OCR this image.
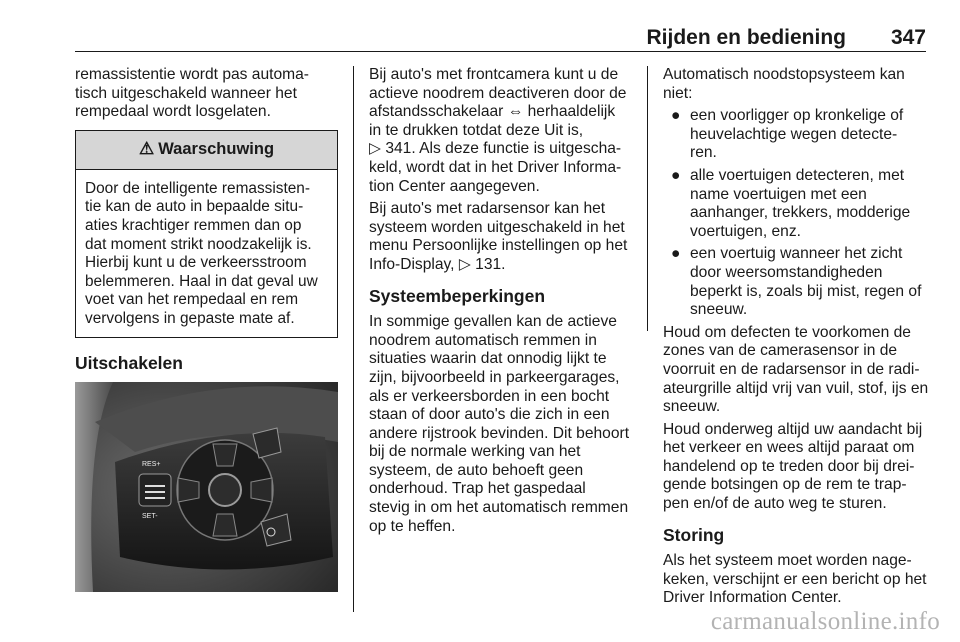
Rijden en bediening 347

remassistentie wordt pas automa-
tisch uitgeschakeld wanneer het
rempedaal wordt losgelaten.

⚠ Waarschuwing
Door de intelligente remassisten-
tie kan de auto in bepaalde situ-
aties krachtiger remmen dan op
dat moment strikt noodzakelijk is.
Hierbij kunt u de verkeersstroom
belemmeren. Haal in dat geval uw
voet van het rempedaal en rem
vervolgens in gepaste mate af.
Uitschakelen
RES+
SET-

Bij auto's met frontcamera kunt u de
actieve noodrem deactiveren door de
afstandsschakelaar ⇔ herhaaldelijk
in te drukken totdat deze Uit is,
▷ 341. Als deze functie is uitgescha-
keld, wordt dat in het Driver Informa-
tion Center aangegeven.

Bij auto's met radarsensor kan het
systeem worden uitgeschakeld in het
menu Persoonlijke instellingen op het
Info-Display, ▷ 131.

Systeembeperkingen

In sommige gevallen kan de actieve
noodrem automatisch remmen in
situaties waarin dat onnodig lijkt te
zijn, bijvoorbeeld in parkeergarages,
als er verkeersborden in een bocht
staan of door auto's die zich in een
andere rijstrook bevinden. Dit behoort
bij de normale werking van het
systeem, de auto behoeft geen
onderhoud. Trap het gaspedaal
stevig in om het automatisch remmen
op te heffen.

Automatisch noodstopsysteem kan
niet:

● een voorligger op kronkelige of
heuvelachtige wegen detecte-
ren.
● alle voertuigen detecteren, met
name voertuigen met een
aanhanger, trekkers, modderige
voertuigen, enz.
● een voertuig wanneer het zicht
door weersomstandigheden
beperkt is, zoals bij mist, regen of
sneeuw.

Houd om defecten te voorkomen de
zones van de camerasensor in de
voorruit en de radarsensor in de radi-
ateurgrille altijd vrij van vuil, stof, ijs en
sneeuw.

Houd onderweg altijd uw aandacht bij
het verkeer en wees altijd paraat om
handelend op te treden door bij drei-
gende botsingen op de rem te trap-
pen en/of de auto weg te sturen.

Storing

Als het systeem moet worden nage-
keken, verschijnt er een bericht op het
Driver Information Center.

carmanualsonline.info
